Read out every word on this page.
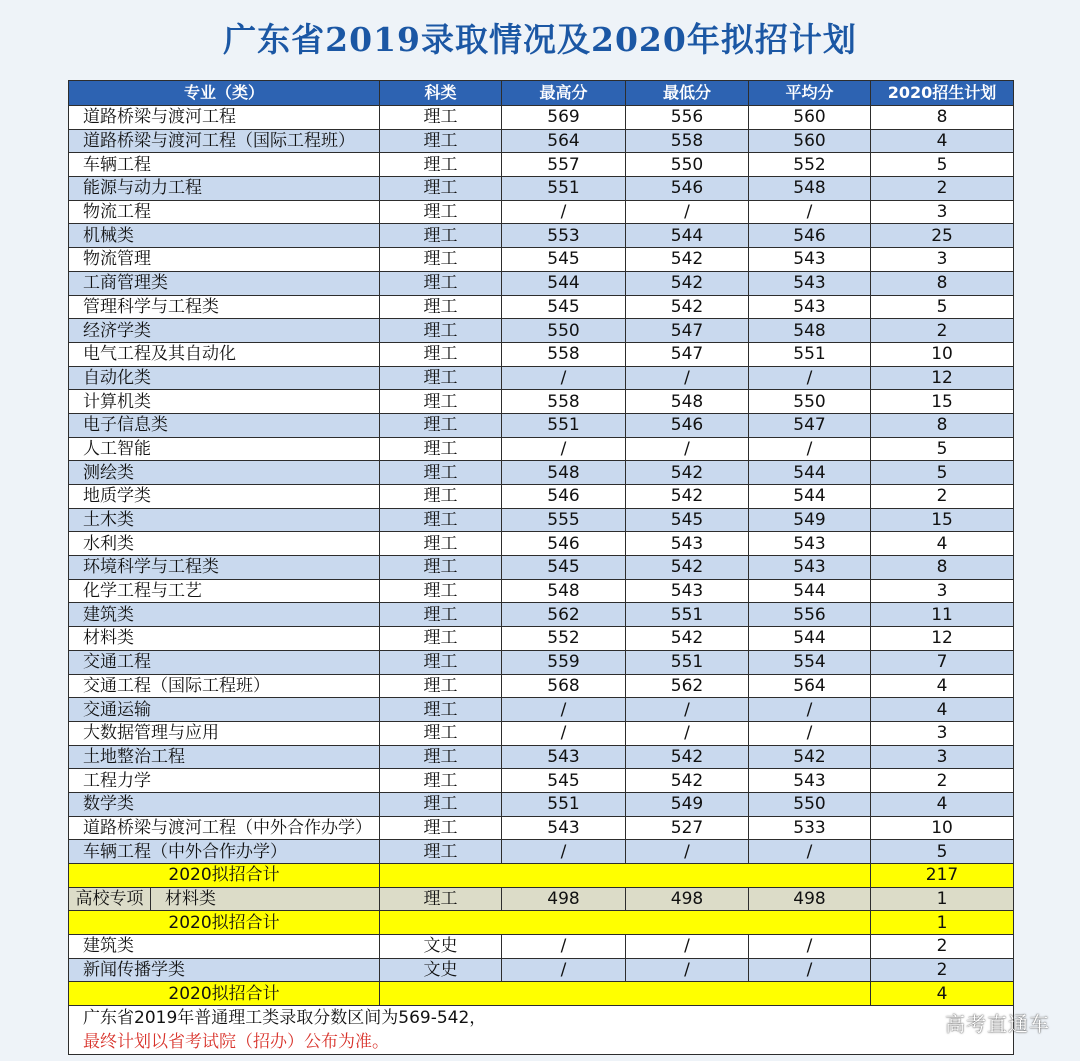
广东省2019录取情况及2020年拟招计划
专业（类）		科类	最高分	最低分	平均分	2020招生计划
道路桥梁与渡河工程		理工	569	556	560	8
道路桥梁与渡河工程（国际工程班）		理工	564	558	560	4
车辆工程		理工	557	550	552	5
能源与动力工程		理工	551	546	548	2
物流工程		理工	/	/	/	3
机械类		理工	553	544	546	25
物流管理		理工	545	542	543	3
工商管理类		理工	544	542	543	8
管理科学与工程类		理工	545	542	543	5
经济学类		理工	550	547	548	2
电气工程及其自动化		理工	558	547	551	10
自动化类		理工	/	/	/	12
计算机类		理工	558	548	550	15
电子信息类		理工	551	546	547	8
人工智能		理工	/	/	/	5
测绘类		理工	548	542	544	5
地质学类		理工	546	542	544	2
土木类		理工	555	545	549	15
水利类		理工	546	543	543	4
环境科学与工程类		理工	545	542	543	8
化学工程与工艺		理工	548	543	544	3
建筑类		理工	562	551	556	11
材料类		理工	552	542	544	12
交通工程		理工	559	551	554	7
交通工程（国际工程班）		理工	568	562	564	4
交通运输		理工	/	/	/	4
大数据管理与应用		理工	/	/	/	3
土地整治工程		理工	543	542	542	3
工程力学		理工	545	542	543	2
数学类		理工	551	549	550	4
道路桥梁与渡河工程（中外合作办学）		理工	543	527	533	10
车辆工程（中外合作办学）		理工	/	/	/	5
2020拟招合计						217
高校专项	材料类	理工	498	498	498	1
2020拟招合计						1
建筑类		文史	/	/	/	2
新闻传播学类		文史	/	/	/	2
2020拟招合计						4

广东省2019年普通理工类录取分数区间为569-542，
最终计划以省考试院（招办）公布为准。						
高考直通车
